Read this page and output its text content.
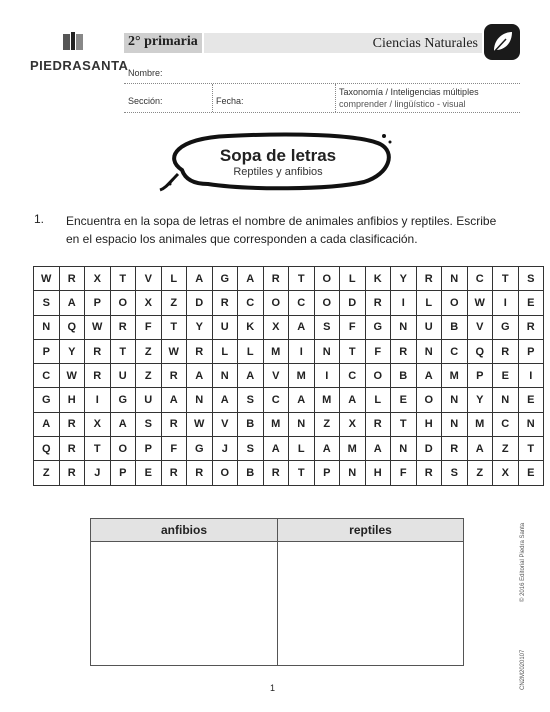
PIEDRASANTA
2° primaria	Ciencias Naturales
Nombre:
Sección:	Fecha:
Taxonomía / Inteligencias múltiples
comprender / lingüístico - visual
Sopa de letras
Reptiles y anfibios
1. Encuentra en la sopa de letras el nombre de animales anfibios y reptiles. Escribe en el espacio los animales que corresponden a cada clasificación.
W	R	X	T	V	L	A	G	A	R	T	O	L	K	Y	R	N	C	T	S
S	A	P	O	X	Z	D	R	C	O	C	O	D	R	I	L	O	W	I	E
N	Q	W	R	F	T	Y	U	K	X	A	S	F	G	N	U	B	V	G	R
P	Y	R	T	Z	W	R	L	L	M	I	N	T	F	R	N	C	Q	R	P
C	W	R	U	Z	R	A	N	A	V	M	I	C	O	B	A	M	P	E	I
G	H	I	G	U	A	N	A	S	C	A	M	A	L	E	O	N	Y	N	E
A	R	X	A	S	R	W	V	B	M	N	Z	X	R	T	H	N	M	C	N
Q	R	T	O	P	F	G	J	S	A	L	A	M	A	N	D	R	A	Z	T
Z	R	J	P	E	R	R	O	B	R	T	P	N	H	F	R	S	Z	X	E
anfibios	reptiles	© 2016 Editorial Piedra Santa
CN2M2020107
1
